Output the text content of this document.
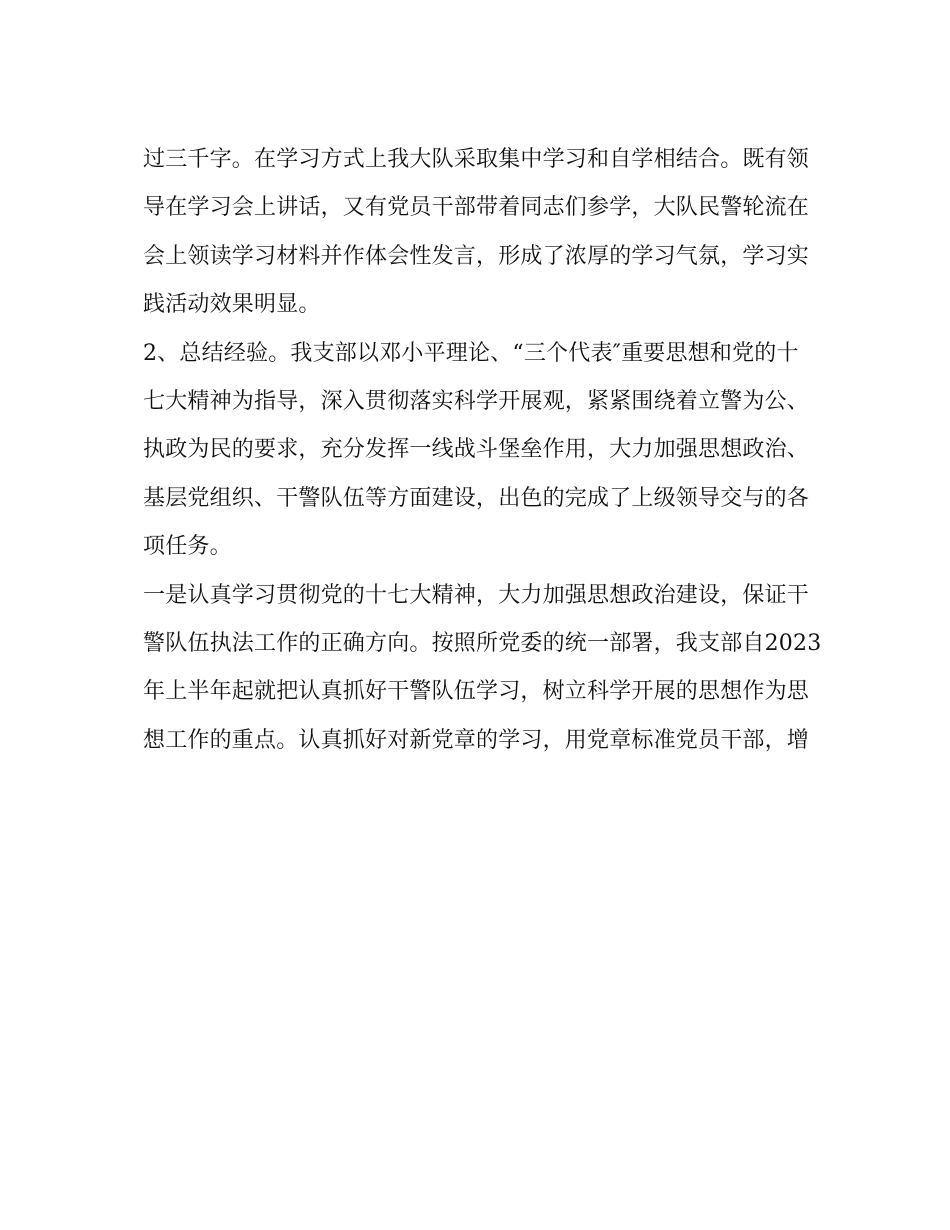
过三千字。在学习方式上我大队采取集中学习和自学相结合。既有领
导在学习会上讲话，又有党员干部带着同志们参学，大队民警轮流在
会上领读学习材料并作体会性发言，形成了浓厚的学习气氛，学习实
践活动效果明显。
2、总结经验。我支部以邓小平理论、“三个代表″重要思想和党的十
七大精神为指导，深入贯彻落实科学开展观，紧紧围绕着立警为公、
执政为民的要求，充分发挥一线战斗堡垒作用，大力加强思想政治、
基层党组织、干警队伍等方面建设，出色的完成了上级领导交与的各
项任务。
一是认真学习贯彻党的十七大精神，大力加强思想政治建设，保证干
警队伍执法工作的正确方向。按照所党委的统一部署，我支部自2023
年上半年起就把认真抓好干警队伍学习，树立科学开展的思想作为思
想工作的重点。认真抓好对新党章的学习，用党章标准党员干部，增
